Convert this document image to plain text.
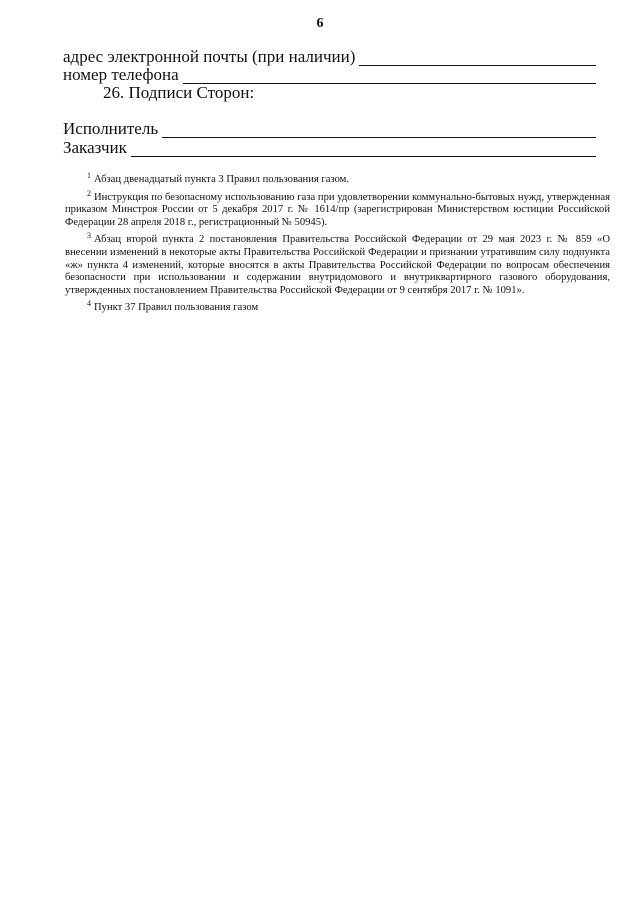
6
адрес электронной почты (при наличии)
номер телефона
26. Подписи Сторон:
Исполнитель
Заказчик

$^1$ Абзац двенадцатый пункта 3 Правил пользования газом.

$^2$ Инструкция по безопасному использованию газа при удовлетворении коммунально-бытовых нужд, утвержденная приказом Минстроя России от 5 декабря 2017 г. № 1614/пр (зарегистрирован Министерством юстиции Российской Федерации 28 апреля 2018 г., регистрационный № 50945).

$^3$ Абзац второй пункта 2 постановления Правительства Российской Федерации от 29 мая 2023 г. № 859 «О внесении изменений в некоторые акты Правительства Российской Федерации и признании утратившим силу подпункта «ж» пункта 4 изменений, которые вносятся в акты Правительства Российской Федерации по вопросам обеспечения безопасности при использовании и содержании внутридомового и внутриквартирного газового оборудования, утвержденных постановлением Правительства Российской Федерации от 9 сентября 2017 г. № 1091».

$^4$ Пункт 37 Правил пользования газом
